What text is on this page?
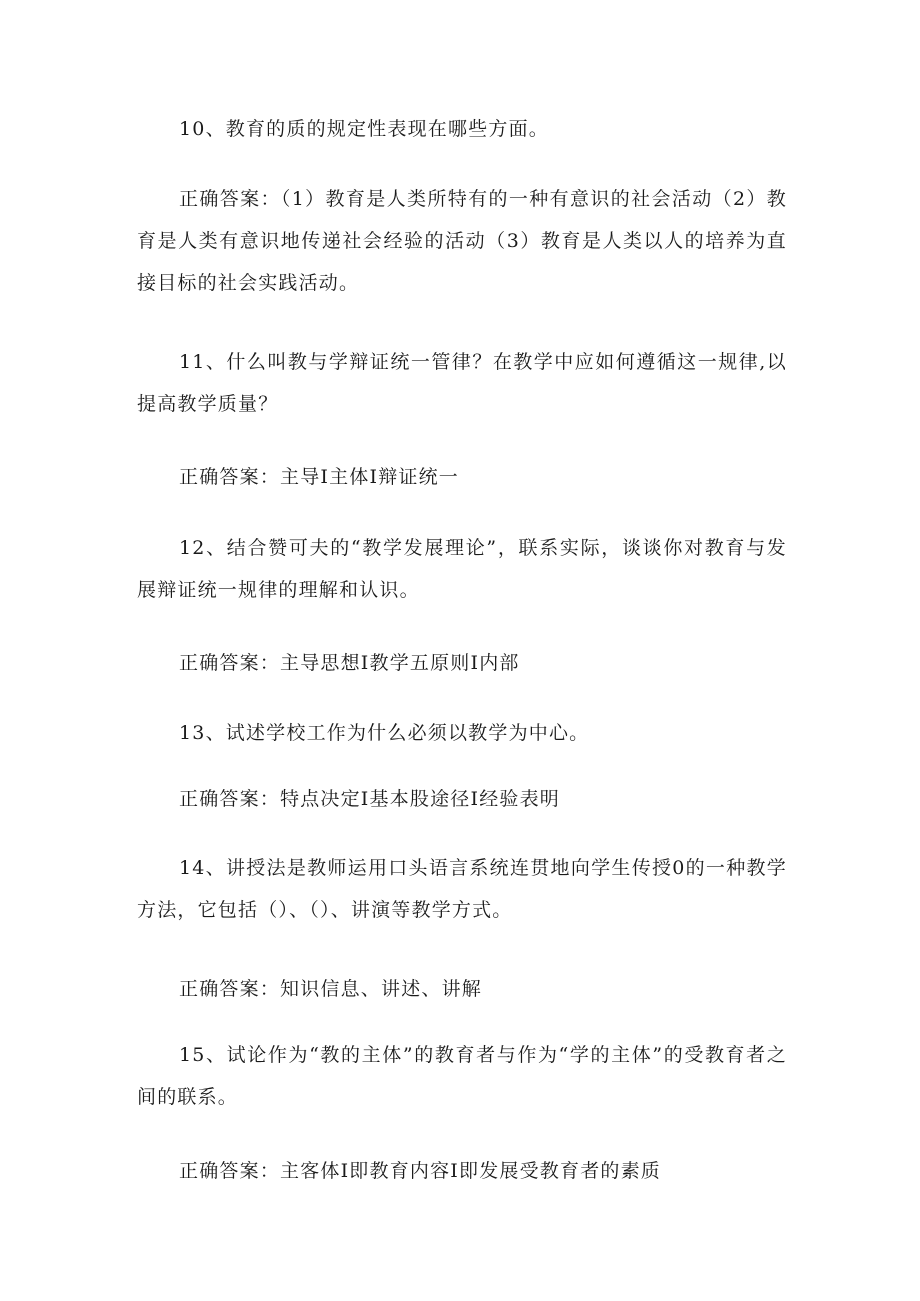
10、教育的质的规定性表现在哪些方面。

正确答案：（1）教育是人类所特有的一种有意识的社会活动（2）教育是人类有意识地传递社会经验的活动（3）教育是人类以人的培养为直接目标的社会实践活动。

11、什么叫教与学辩证统一管律？在教学中应如何遵循这一规律,以提高教学质量？

正确答案：主导I主体I辩证统一

12、结合赞可夫的“教学发展理论”，联系实际，谈谈你对教育与发展辩证统一规律的理解和认识。

正确答案：主导思想I教学五原则I内部

13、试述学校工作为什么必须以教学为中心。

正确答案：特点决定I基本股途径I经验表明

14、讲授法是教师运用口头语言系统连贯地向学生传授0的一种教学方法，它包括（）、（）、讲演等教学方式。

正确答案：知识信息、讲述、讲解

15、试论作为“教的主体”的教育者与作为“学的主体”的受教育者之间的联系。

正确答案：主客体I即教育内容I即发展受教育者的素质
